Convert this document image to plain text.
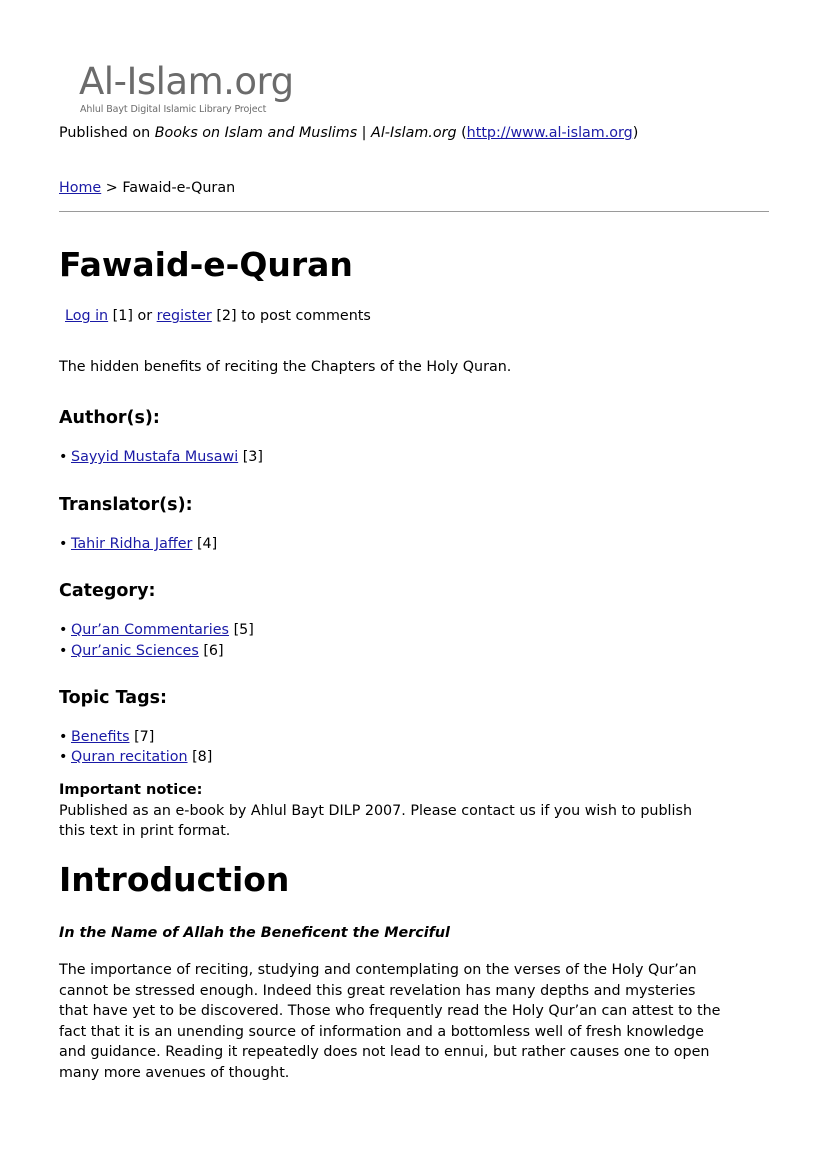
Al-Islam.org
Ahlul Bayt Digital Islamic Library Project
Published on Books on Islam and Muslims | Al-Islam.org (http://www.al-islam.org)
Home > Fawaid-e-Quran
Fawaid-e-Quran
Log in [1] or register [2] to post comments
The hidden benefits of reciting the Chapters of the Holy Quran.
Author(s):
• Sayyid Mustafa Musawi [3]
Translator(s):
• Tahir Ridha Jaffer [4]
Category:
• Qur’an Commentaries [5]
• Qur’anic Sciences [6]
Topic Tags:
• Benefits [7]
• Quran recitation [8]
Important notice:
Published as an e-book by Ahlul Bayt DILP 2007. Please contact us if you wish to publish
this text in print format.
Introduction
In the Name of Allah the Beneficent the Merciful

The importance of reciting, studying and contemplating on the verses of the Holy Qur’an

cannot be stressed enough. Indeed this great revelation has many depths and mysteries

that have yet to be discovered. Those who frequently read the Holy Qur’an can attest to the

fact that it is an unending source of information and a bottomless well of fresh knowledge

and guidance. Reading it repeatedly does not lead to ennui, but rather causes one to open

many more avenues of thought.
